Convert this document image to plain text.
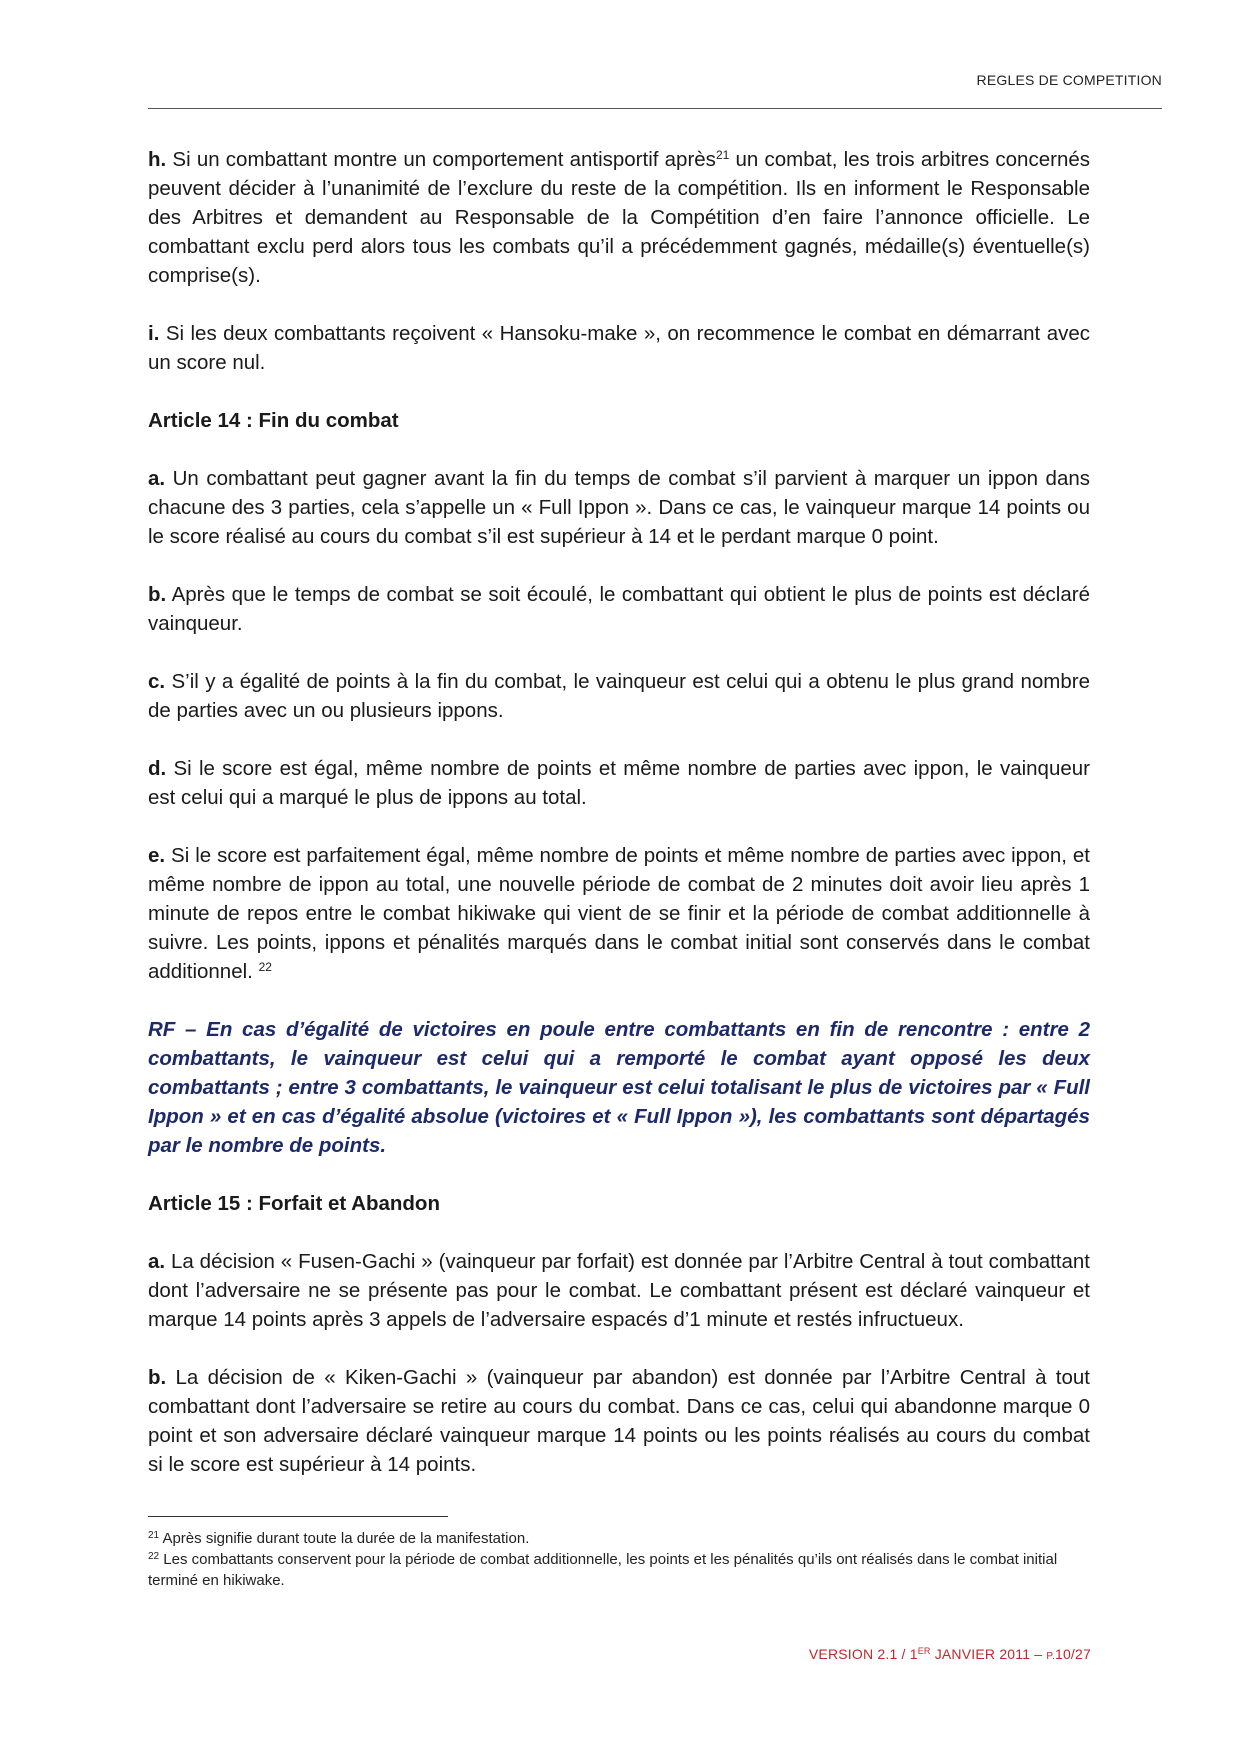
REGLES DE COMPETITION

h. Si un combattant montre un comportement antisportif après$^{21}$ un combat, les trois arbitres concernés peuvent décider à l’unanimité de l’exclure du reste de la compétition. Ils en informent le Responsable des Arbitres et demandent au Responsable de la Compétition d’en faire l’annonce officielle. Le combattant exclu perd alors tous les combats qu’il a précédemment gagnés, médaille(s) éventuelle(s) comprise(s).

i. Si les deux combattants reçoivent « Hansoku-make », on recommence le combat en démarrant avec un score nul.

Article 14 : Fin du combat

a. Un combattant peut gagner avant la fin du temps de combat s’il parvient à marquer un ippon dans chacune des 3 parties, cela s’appelle un « Full Ippon ». Dans ce cas, le vainqueur marque 14 points ou le score réalisé au cours du combat s’il est supérieur à 14 et le perdant marque 0 point.

b. Après que le temps de combat se soit écoulé, le combattant qui obtient le plus de points est déclaré vainqueur.

c. S’il y a égalité de points à la fin du combat, le vainqueur est celui qui a obtenu le plus grand nombre de parties avec un ou plusieurs ippons.

d. Si le score est égal, même nombre de points et même nombre de parties avec ippon, le vainqueur est celui qui a marqué le plus de ippons au total.

e. Si le score est parfaitement égal, même nombre de points et même nombre de parties avec ippon, et même nombre de ippon au total, une nouvelle période de combat de 2 minutes doit avoir lieu après 1 minute de repos entre le combat hikiwake qui vient de se finir et la période de combat additionnelle à suivre. Les points, ippons et pénalités marqués dans le combat initial sont conservés dans le combat additionnel. $^{22}$

RF – En cas d’égalité de victoires en poule entre combattants en fin de rencontre : entre 2 combattants, le vainqueur est celui qui a remporté le combat ayant opposé les deux combattants ; entre 3 combattants, le vainqueur est celui totalisant le plus de victoires par « Full Ippon » et en cas d’égalité absolue (victoires et « Full Ippon »), les combattants sont départagés par le nombre de points.

Article 15 : Forfait et Abandon

a. La décision « Fusen-Gachi » (vainqueur par forfait) est donnée par l’Arbitre Central à tout combattant dont l’adversaire ne se présente pas pour le combat. Le combattant présent est déclaré vainqueur et marque 14 points après 3 appels de l’adversaire espacés d’1 minute et restés infructueux.

b. La décision de « Kiken-Gachi » (vainqueur par abandon) est donnée par l’Arbitre Central à tout combattant dont l’adversaire se retire au cours du combat. Dans ce cas, celui qui abandonne marque 0 point et son adversaire déclaré vainqueur marque 14 points ou les points réalisés au cours du combat si le score est supérieur à 14 points.

$^{21}$ Après signifie durant toute la durée de la manifestation.

$^{22}$ Les combattants conservent pour la période de combat additionnelle, les points et les pénalités qu’ils ont réalisés dans le combat initial terminé en hikiwake.

VERSION 2.1 / 1ER JANVIER 2011 – P.10/27
